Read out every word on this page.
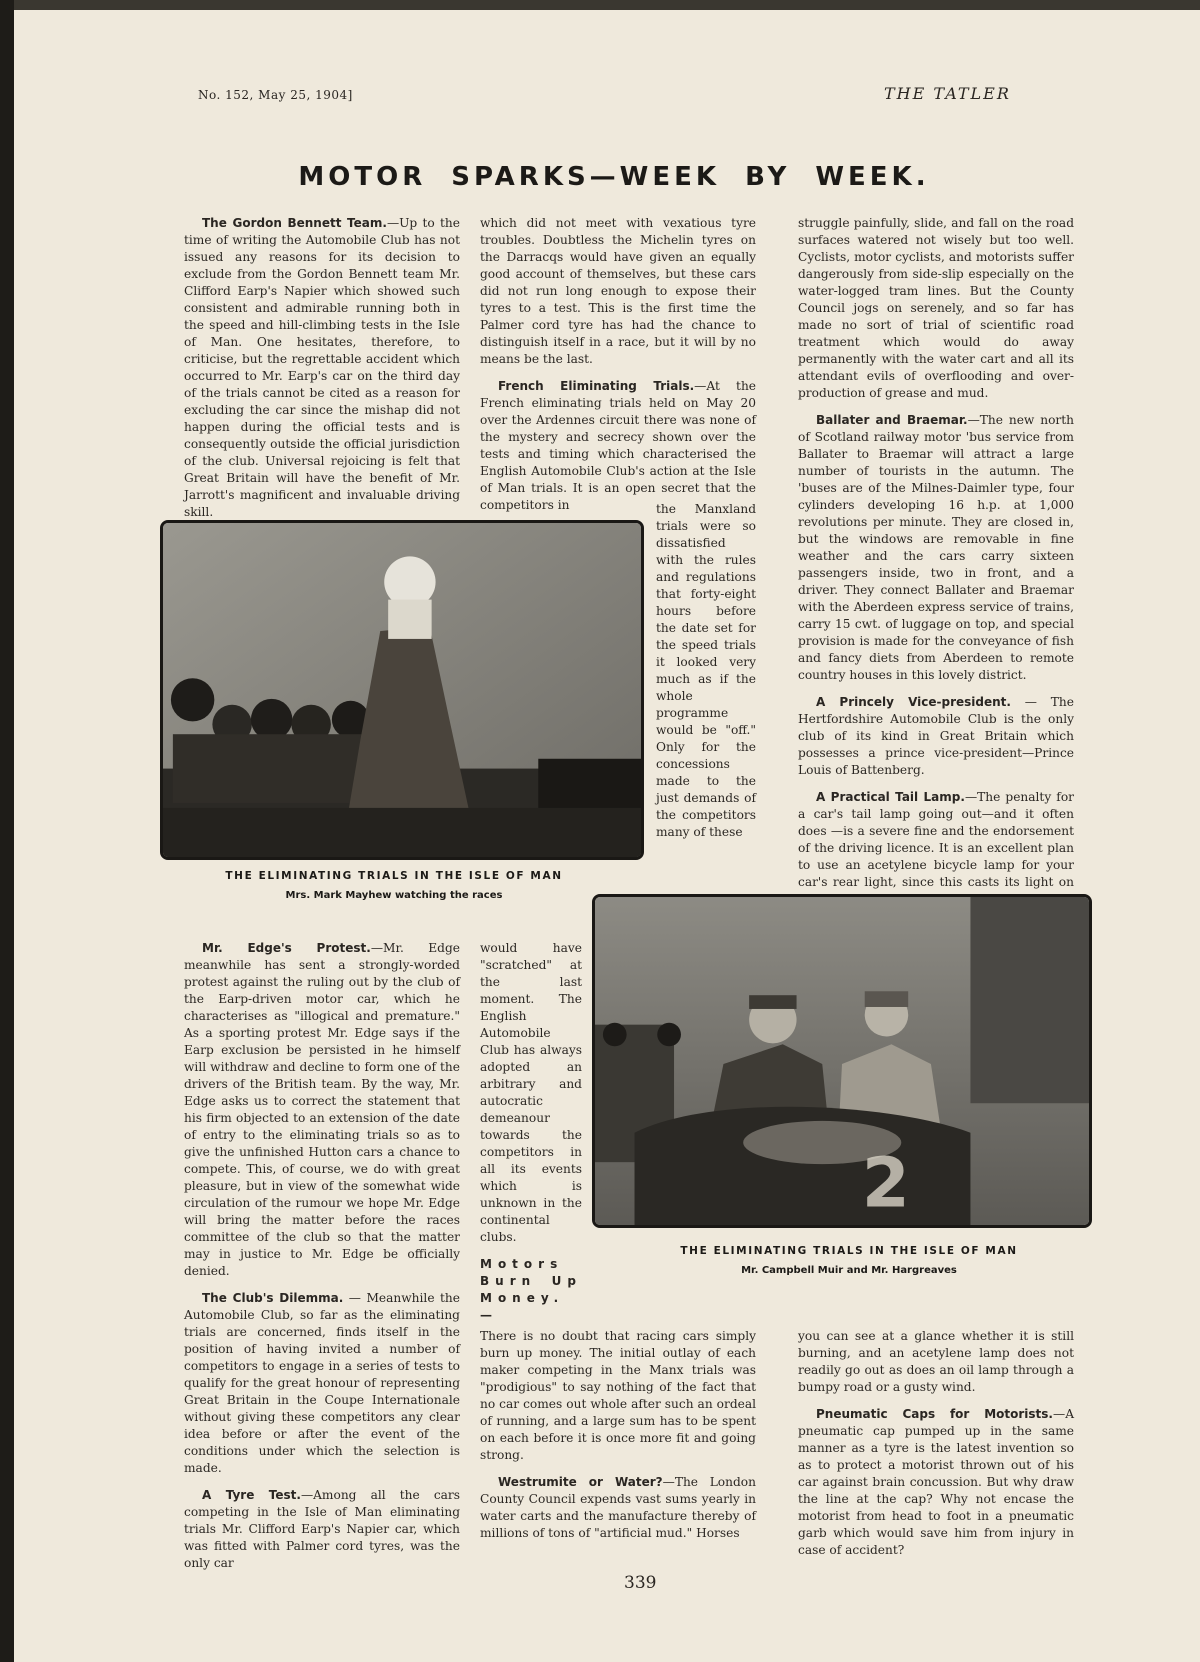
No. 152, May 25, 1904]	THE TATLER
MOTOR SPARKS—WEEK BY WEEK.

The Gordon Bennett Team.—Up to the time of writing the Automobile Club has not issued any reasons for its decision to exclude from the Gordon Bennett team Mr. Clifford Earp's Napier which showed such consistent and admirable running both in the speed and hill-climbing tests in the Isle of Man. One hesitates, therefore, to criticise, but the regrettable accident which occurred to Mr. Earp's car on the third day of the trials cannot be cited as a reason for excluding the car since the mishap did not happen during the official tests and is consequently outside the official jurisdiction of the club. Universal rejoicing is felt that Great Britain will have the benefit of Mr. Jarrott's magnificent and invaluable driving skill.

which did not meet with vexatious tyre troubles. Doubtless the Michelin tyres on the Darracqs would have given an equally good account of themselves, but these cars did not run long enough to expose their tyres to a test. This is the first time the Palmer cord tyre has had the chance to distinguish itself in a race, but it will by no means be the last.

French Eliminating Trials.—At the French eliminating trials held on May 20 over the Ardennes circuit there was none of the mystery and secrecy shown over the tests and timing which characterised the English Automobile Club's action at the Isle of Man trials. It is an open secret that the competitors in	the Manxland trials were so dissatisfied with the rules and regulations that forty-eight hours before the date set for the speed trials it looked very much as if the whole programme would be "off." Only for the concessions made to the just demands of the competitors many of these

struggle painfully, slide, and fall on the road surfaces watered not wisely but too well. Cyclists, motor cyclists, and motorists suffer dangerously from side-slip especially on the water-logged tram lines. But the County Council jogs on serenely, and so far has made no sort of trial of scientific road treatment which would do away permanently with the water cart and all its attendant evils of overflooding and over-production of grease and mud.

Ballater and Braemar.—The new north of Scotland railway motor 'bus service from Ballater to Braemar will attract a large number of tourists in the autumn. The 'buses are of the Milnes-Daimler type, four cylinders developing 16 h.p. at 1,000 revolutions per minute. They are closed in, but the windows are removable in fine weather and the cars carry sixteen passengers inside, two in front, and a driver. They connect Ballater and Braemar with the Aberdeen express service of trains, carry 15 cwt. of luggage on top, and special provision is made for the conveyance of fish and fancy diets from Aberdeen to remote country houses in this lovely district.

A Princely Vice-president. — The Hertfordshire Automobile Club is the only club of its kind in Great Britain which possesses a prince vice-president—Prince Louis of Battenberg.

A Practical Tail Lamp.—The penalty for a car's tail lamp going out—and it often does —is a severe fine and the endorsement of the driving licence. It is an excellent plan to use an acetylene bicycle lamp for your car's rear light, since this casts its light on

THE ELIMINATING TRIALS IN THE ISLE OF MAN
Mrs. Mark Mayhew watching the races

Mr. Edge's Protest.—Mr. Edge meanwhile has sent a strongly-worded protest against the ruling out by the club of the Earp-driven motor car, which he characterises as "illogical and premature." As a sporting protest Mr. Edge says if the Earp exclusion be persisted in he himself will withdraw and decline to form one of the drivers of the British team. By the way, Mr. Edge asks us to correct the statement that his firm objected to an extension of the date of entry to the eliminating trials so as to give the unfinished Hutton cars a chance to compete. This, of course, we do with great pleasure, but in view of the somewhat wide circulation of the rumour we hope Mr. Edge will bring the matter before the races committee of the club so that the matter may in justice to Mr. Edge be officially denied.

The Club's Dilemma. — Meanwhile the Automobile Club, so far as the eliminating trials are concerned, finds itself in the position of having invited a number of competitors to engage in a series of tests to qualify for the great honour of representing Great Britain in the Coupe Internationale without giving these competitors any clear idea before or after the event of the conditions under which the selection is made.

A Tyre Test.—Among all the cars competing in the Isle of Man eliminating trials Mr. Clifford Earp's Napier car, which was fitted with Palmer cord tyres, was the only car

would have "scratched" at the last moment. The English Automobile Club has always adopted an arbitrary and autocratic demeanour towards the competitors in all its events which is unknown in the continental clubs.

Motors Burn Up Money.—

There is no doubt that racing cars simply burn up money. The initial outlay of each maker competing in the Manx trials was "prodigious" to say nothing of the fact that no car comes out whole after such an ordeal of running, and a large sum has to be spent on each before it is once more fit and going strong.

Westrumite or Water?—The London County Council expends vast sums yearly in water carts and the manufacture thereby of millions of tons of "artificial mud." Horses

2
THE ELIMINATING TRIALS IN THE ISLE OF MAN
Mr. Campbell Muir and Mr. Hargreaves

you can see at a glance whether it is still burning, and an acetylene lamp does not readily go out as does an oil lamp through a bumpy road or a gusty wind.

Pneumatic Caps for Motorists.—A pneumatic cap pumped up in the same manner as a tyre is the latest invention so as to protect a motorist thrown out of his car against brain concussion. But why draw the line at the cap? Why not encase the motorist from head to foot in a pneumatic garb which would save him from injury in case of accident?

339
